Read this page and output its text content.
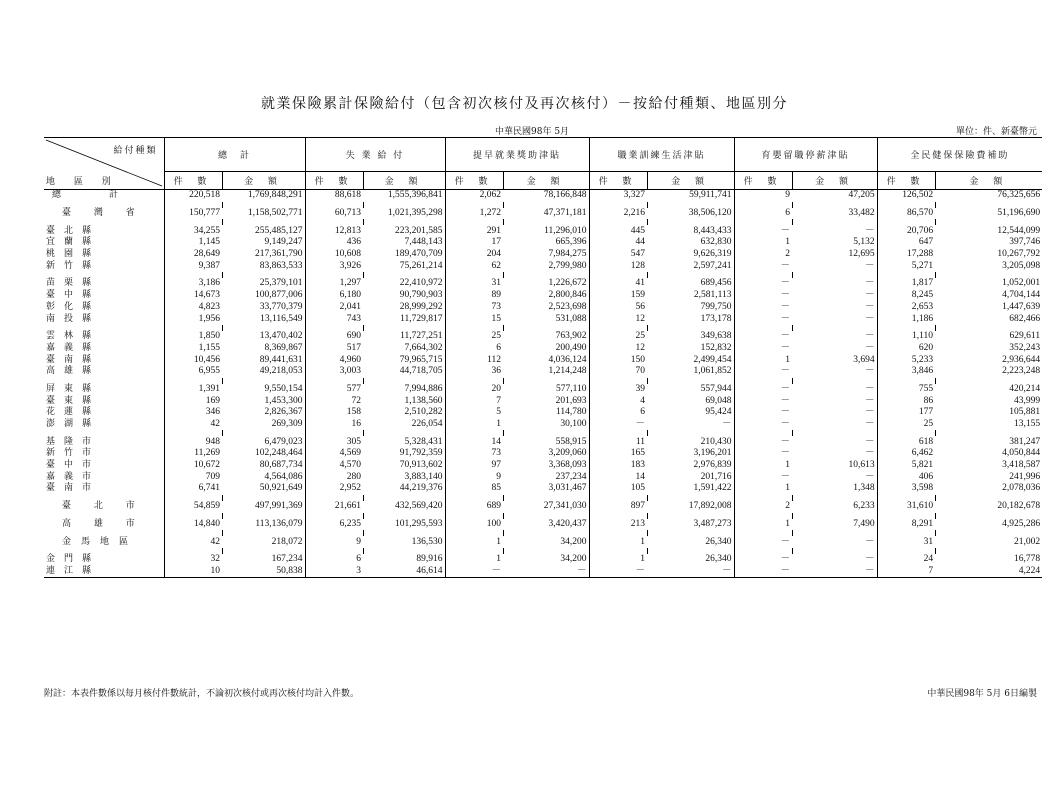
就業保險累計保險給付（包含初次核付及再次核付）－按給付種類、地區別分
中華民國98年 5月	單位：件、新臺幣元
給付種類
地 區 別	總　計		失 業 給 付		提早就業獎助津貼		職業訓練生活津貼		育嬰留職停薪津貼		全民健保保險費補助	
	件 數	金 額	件 數	金 額	件 數	金 額	件 數	金 額	件 數	金 額	件 數	金 額
總　　計	220,518	1,769,848,291	88,618	1,555,396,841	2,062	78,166,848	3,327	59,911,741	9	47,205	126,502	76,325,656

臺 灣 省	150,777	1,158,502,771	60,713	1,021,395,298	1,272	47,371,181	2,216	38,506,120	6	33,482	86,570	51,196,690

臺北縣	34,255	255,485,127	12,813	223,201,585	291	11,296,010	445	8,443,433	－	－	20,706	12,544,099
宜蘭縣	1,145	9,149,247	436	7,448,143	17	665,396	44	632,830	1	5,132	647	397,746
桃園縣	28,649	217,361,790	10,608	189,470,709	204	7,984,275	547	9,626,319	2	12,695	17,288	10,267,792
新竹縣	9,387	83,863,533	3,926	75,261,214	62	2,799,980	128	2,597,241	－	－	5,271	3,205,098

苗栗縣	3,186	25,379,101	1,297	22,410,972	31	1,226,672	41	689,456	－	－	1,817	1,052,001
臺中縣	14,673	100,877,006	6,180	90,790,903	89	2,800,846	159	2,581,113	－	－	8,245	4,704,144
彰化縣	4,823	33,770,379	2,041	28,999,292	73	2,523,698	56	799,750	－	－	2,653	1,447,639
南投縣	1,956	13,116,549	743	11,729,817	15	531,088	12	173,178	－	－	1,186	682,466

雲林縣	1,850	13,470,402	690	11,727,251	25	763,902	25	349,638	－	－	1,110	629,611
嘉義縣	1,155	8,369,867	517	7,664,302	6	200,490	12	152,832	－	－	620	352,243
臺南縣	10,456	89,441,631	4,960	79,965,715	112	4,036,124	150	2,499,454	1	3,694	5,233	2,936,644
高雄縣	6,955	49,218,053	3,003	44,718,705	36	1,214,248	70	1,061,852	－	－	3,846	2,223,248

屏東縣	1,391	9,550,154	577	7,994,886	20	577,110	39	557,944	－	－	755	420,214
臺東縣	169	1,453,300	72	1,138,560	7	201,693	4	69,048	－	－	86	43,999
花蓮縣	346	2,826,367	158	2,510,282	5	114,780	6	95,424	－	－	177	105,881
澎湖縣	42	269,309	16	226,054	1	30,100	－	－	－	－	25	13,155

基隆市	948	6,479,023	305	5,328,431	14	558,915	11	210,430	－	－	618	381,247
新竹市	11,269	102,248,464	4,569	91,792,359	73	3,209,060	165	3,196,201	－	－	6,462	4,050,844
臺中市	10,672	80,687,734	4,570	70,913,602	97	3,368,093	183	2,976,839	1	10,613	5,821	3,418,587
嘉義市	709	4,564,086	280	3,883,140	9	237,234	14	201,716	－	－	406	241,996
臺南市	6,741	50,921,649	2,952	44,219,376	85	3,031,467	105	1,591,422	1	1,348	3,598	2,078,036

臺 北 市	54,859	497,991,369	21,661	432,569,420	689	27,341,030	897	17,892,008	2	6,233	31,610	20,182,678

高 雄 市	14,840	113,136,079	6,235	101,295,593	100	3,420,437	213	3,487,273	1	7,490	8,291	4,925,286

金馬地區	42	218,072	9	136,530	1	34,200	1	26,340	－	－	31	21,002

金門縣	32	167,234	6	89,916	1	34,200	1	26,340	－	－	24	16,778
連江縣	10	50,838	3	46,614	－	－	－	－	－	－	7	4,224
附註：本表件數係以每月核付件數統計，不論初次核付或再次核付均計入件數。	中華民國98年 5月 6日編製
